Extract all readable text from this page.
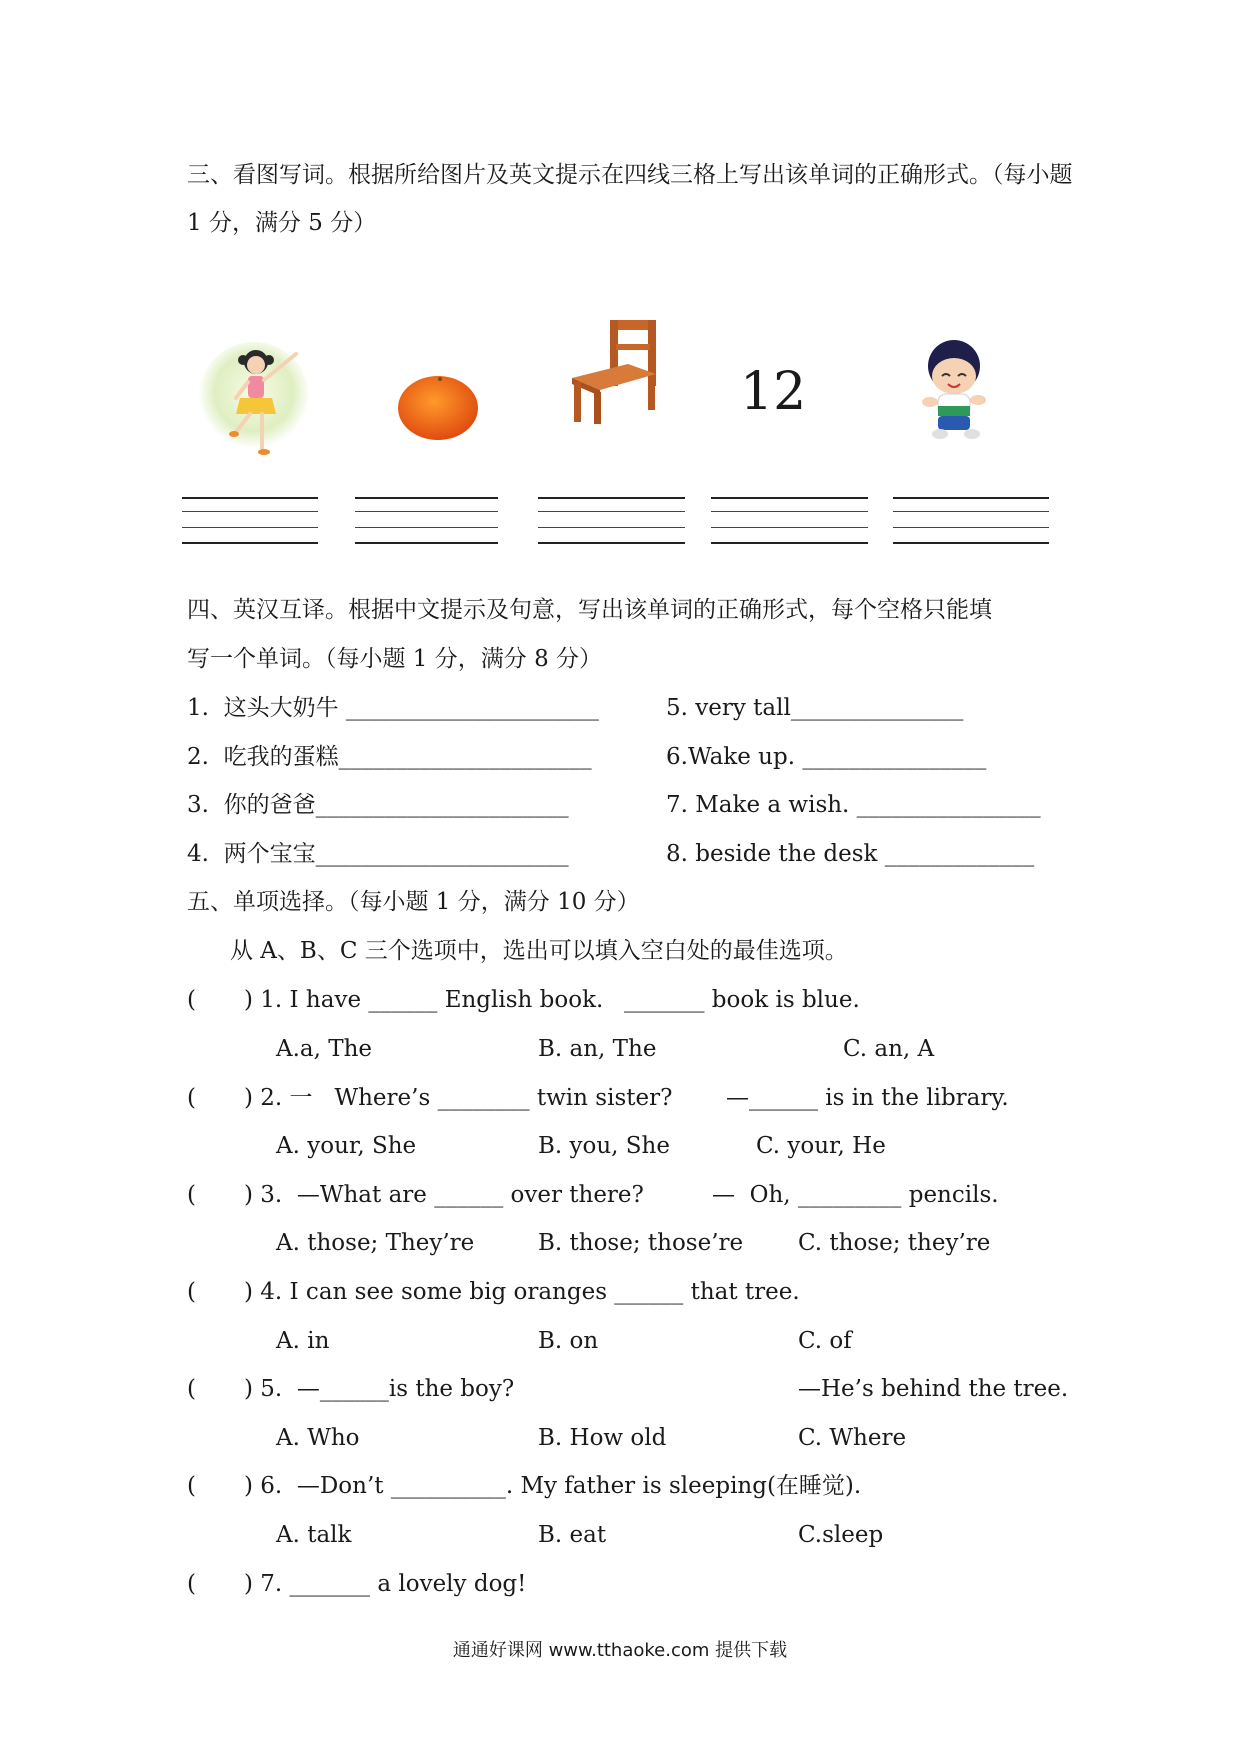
三、看图写词。根据所给图片及英文提示在四线三格上写出该单词的正确形式。（每小题
1 分，满分 5 分）
12
四、英汉互译。根据中文提示及句意，写出该单词的正确形式，每个空格只能填
写一个单词。（每小题 1 分，满分 8 分）
1.  这头大奶牛 ______________________	5. very tall_______________
2.  吃我的蛋糕______________________	6.Wake up. ________________
3.  你的爸爸______________________	7. Make a wish. ________________
4.  两个宝宝______________________	8. beside the desk _____________
五、单项选择。（每小题 1 分，满分 10 分）
从 A、B、C 三个选项中，选出可以填入空白处的最佳选项。
( ) 1. I have ______ English book. _______ book is blue.
A.a, The	B. an, The	C. an, A
( ) 2. 一   Where’s ________ twin sister? —______ is in the library.
A. your, She	B. you, She	C. your, He
( ) 3.  —What are ______ over there?	—  Oh, _________ pencils.
A. those; They’re	B. those; those’re C. those; they’re
( ) 4. I can see some big oranges ______ that tree.
A. in	B. on	C. of
( ) 5.  —______is the boy?	—He’s behind the tree.
A. Who	B. How old	C. Where
( ) 6.  —Don’t __________. My father is sleeping(在睡觉).
A. talk	B. eat	C.sleep
( ) 7. _______ a lovely dog!
通通好课网 www.tthaoke.com 提供下载
